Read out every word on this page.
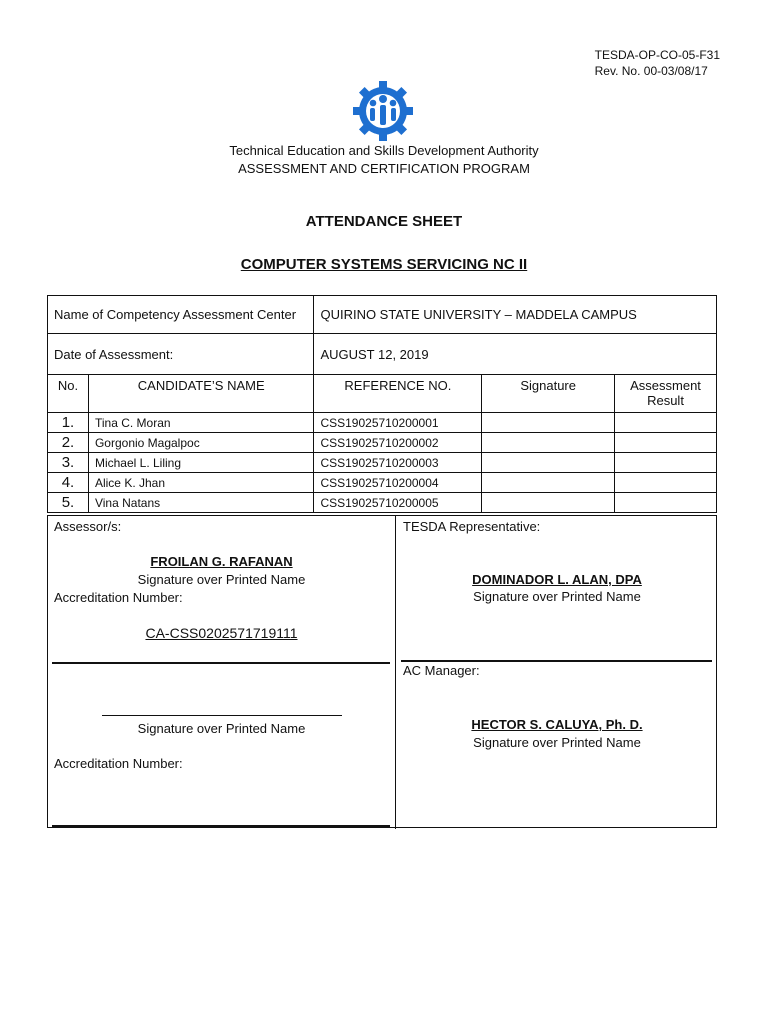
TESDA-OP-CO-05-F31
Rev. No. 00-03/08/17
Technical Education and Skills Development Authority
ASSESSMENT AND CERTIFICATION PROGRAM
ATTENDANCE SHEET
COMPUTER SYSTEMS SERVICING NC II
Name of Competency Assessment Center		QUIRINO STATE UNIVERSITY – MADDELA CAMPUS		
Date of Assessment:		AUGUST 12, 2019		
No.	CANDIDATE’S NAME	REFERENCE NO.	Signature	Assessment Result
1.	Tina C. Moran	CSS19025710200001		
2.	Gorgonio Magalpoc	CSS19025710200002		
3.	Michael L. Liling	CSS19025710200003		
4.	Alice K. Jhan	CSS19025710200004		
5.	Vina Natans	CSS19025710200005		
Assessor/s:
FROILAN G. RAFANAN
Signature over Printed Name
Accreditation Number:
CA-CSS0202571719111
Signature over Printed Name
Accreditation Number:
TESDA Representative:
DOMINADOR L. ALAN, DPA
Signature over Printed Name
AC Manager:
HECTOR S. CALUYA, Ph. D.
Signature over Printed Name
